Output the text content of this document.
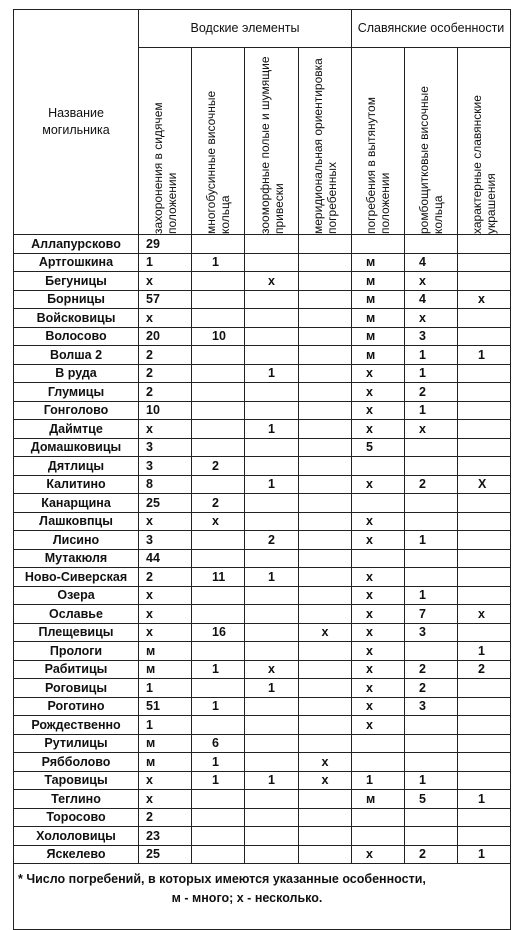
Название могильника	Водские элементы				Славянские особенности		

	захоронения в сидячем положении	многобусинные височные кольца	зооморфные полые и шумящие привески	меридиональная ориентировка погребенных	погребения в вытянутом положении	ромбощитковые височные кольца	характерные славянские украшения

Аллапурсково	29						
Артгошкина	1	1			м	4	
Бегуницы	х		х		м	х	
Борницы	57				м	4	х
Войсковицы	х				м	х	
Волосово	20	10			м	3	
Волша 2	2				м	1	1
В руда	2		1		х	1	
Глумицы	2				х	2	
Гонголово	10				х	1	
Даймтце	х		1		х	х	
Домашковицы	3				5		
Дятлицы	3	2					
Калитино	8		1		х	2	Х
Канарщина	25	2					
Лашковпцы	х	х			х		
Лисино	3		2		х	1	
Мутакюля	44						
Ново-Сиверская	2	11	1		х		
Озера	х				х	1	
Ославье	х				х	7	х
Плещевицы	х	16		х	х	3	
Прологи	м				х		1
Рабитицы	м	1	х		х	2	2
Роговицы	1		1		х	2	
Роготино	51	1			х	3	
Рождественно	1				х		
Рутилицы	м	6					
Рябболово	м	1		х			
Таровицы	х	1	1	х	1	1	
Теглино	х				м	5	1
Торосово	2						
Хололовицы	23						
Яскелево	25				х	2	1
* Число погребений, в которых имеются указанные особенности,
м - много; х - несколько.							
